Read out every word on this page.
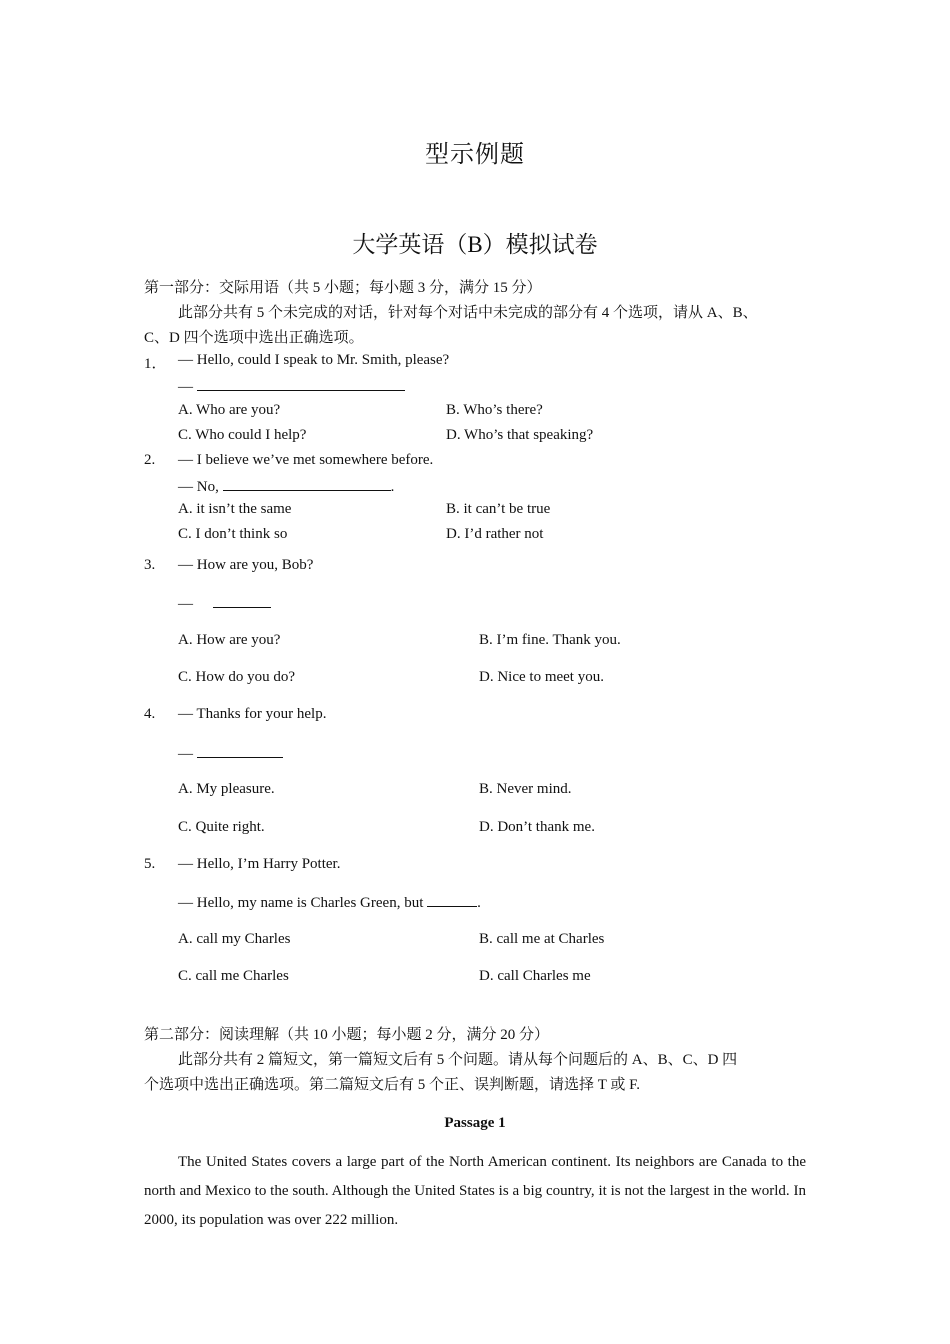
型示例题
大学英语（B）模拟试卷
第一部分：交际用语（共 5 小题；每小题 3 分，满分 15 分）
此部分共有 5 个未完成的对话，针对每个对话中未完成的部分有 4 个选项，请从 A、B、
C、D 四个选项中选出正确选项。
1． — Hello, could I speak to Mr. Smith, please?
—
A. Who are you?	B. Who’s there?
C. Who could I help?	D. Who’s that speaking?
2. — I believe we’ve met somewhere before.
— No,	.
A. it isn’t the same	B. it can’t be true
C. I don’t think so	D. I’d rather not
3. — How are you, Bob?
—
A. How are you?	B. I’m fine. Thank you.
C. How do you do?	D. Nice to meet you.
4. — Thanks for your help.
—
A. My pleasure.	B. Never mind.
C. Quite right.	D. Don’t thank me.
5. — Hello, I’m Harry Potter.
— Hello, my name is Charles Green, but	.
A. call my Charles	B. call me at Charles
C. call me Charles	D. call Charles me
第二部分：阅读理解（共 10 小题；每小题 2 分，满分 20 分）
此部分共有 2 篇短文，第一篇短文后有 5 个问题。请从每个问题后的 A、B、C、D 四
个选项中选出正确选项。第二篇短文后有 5 个正、误判断题，请选择 T 或 F.
Passage 1
The United States covers a large part of the North American continent. Its neighbors are Canada to the north and Mexico to the south. Although the United States is a big country, it is not the largest in the world. In 2000, its population was over 222 million.
